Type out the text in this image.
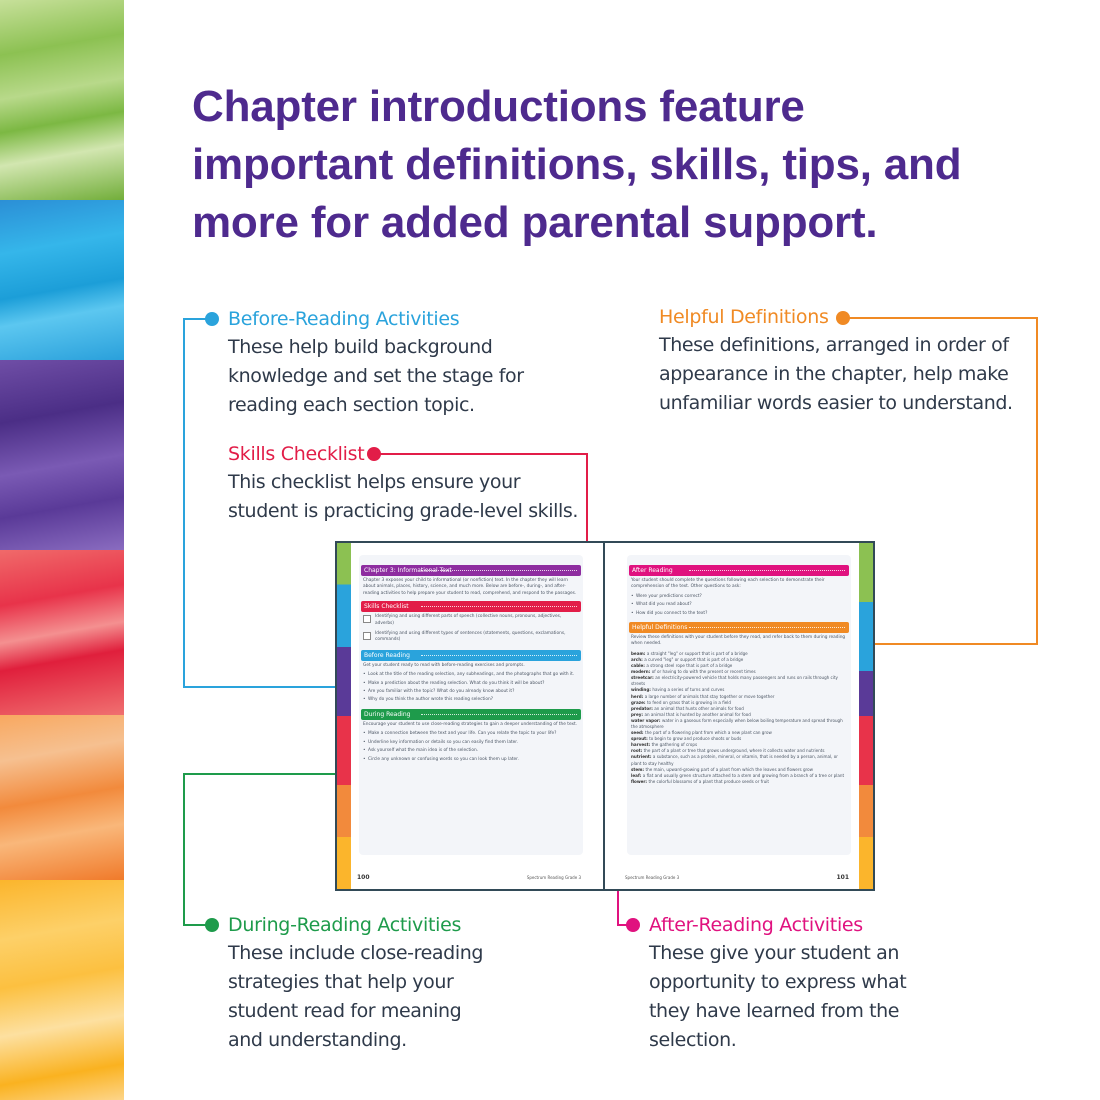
Chapter introductions feature
important definitions, skills, tips, and
more for added parental support.
Before-Reading Activities
These help build background
knowledge and set the stage for
reading each section topic.
Skills Checklist
This checklist helps ensure your
student is practicing grade-level skills.
Helpful Definitions
These definitions, arranged in order of
appearance in the chapter, help make
unfamiliar words easier to understand.
During-Reading Activities
These include close-reading
strategies that help your
student read for meaning
and understanding.
After-Reading Activities
These give your student an
opportunity to express what
they have learned from the
selection.
Chapter 3: Informational Text
Chapter 3 exposes your child to informational (or nonfiction) text. In the chapter they will learn about animals, places, history, science, and much more. Below are before-, during-, and after-reading activities to help prepare your student to read, comprehend, and respond to the passages.
Skills Checklist
Identifying and using different parts of speech (collective nouns, pronouns, adjectives, adverbs)
Identifying and using different types of sentences (statements, questions, exclamations, commands)
Before Reading
Get your student ready to read with before-reading exercises and prompts.
• Look at the title of the reading selection, any subheadings, and the photographs that go with it.
• Make a prediction about the reading selection. What do you think it will be about?
• Are you familiar with the topic? What do you already know about it?
• Why do you think the author wrote this reading selection?
During Reading
Encourage your student to use close-reading strategies to gain a deeper understanding of the text.
• Make a connection between the text and your life. Can you relate the topic to your life?
• Underline key information or details so you can easily find them later.
• Ask yourself what the main idea is of the selection.
• Circle any unknown or confusing words so you can look them up later.
100	Spectrum Reading Grade 3
After Reading
Your student should complete the questions following each selection to demonstrate their comprehension of the text. Other questions to ask:
• Were your predictions correct?
• What did you read about?
• How did you connect to the text?
Helpful Definitions
Review these definitions with your student before they read, and refer back to them during reading when needed.
beam: a straight "leg" or support that is part of a bridge
arch: a curved "leg" or support that is part of a bridge
cable: a strong steel rope that is part of a bridge
modern: of or having to do with the present or recent times
streetcar: an electricity-powered vehicle that holds many passengers and runs on rails through city streets
winding: having a series of turns and curves
herd: a large number of animals that stay together or move together
graze: to feed on grass that is growing in a field
predator: an animal that hunts other animals for food
prey: an animal that is hunted by another animal for food
water vapor: water in a gaseous form especially when below boiling temperature and spread through the atmosphere
seed: the part of a flowering plant from which a new plant can grow
sprout: to begin to grow and produce shoots or buds
harvest: the gathering of crops
root: the part of a plant or tree that grows underground, where it collects water and nutrients
nutrient: a substance, such as a protein, mineral, or vitamin, that is needed by a person, animal, or plant to stay healthy
stem: the main, upward-growing part of a plant from which the leaves and flowers grow
leaf: a flat and usually green structure attached to a stem and growing from a branch of a tree or plant
flower: the colorful blossoms of a plant that produce seeds or fruit
Spectrum Reading Grade 3	101
